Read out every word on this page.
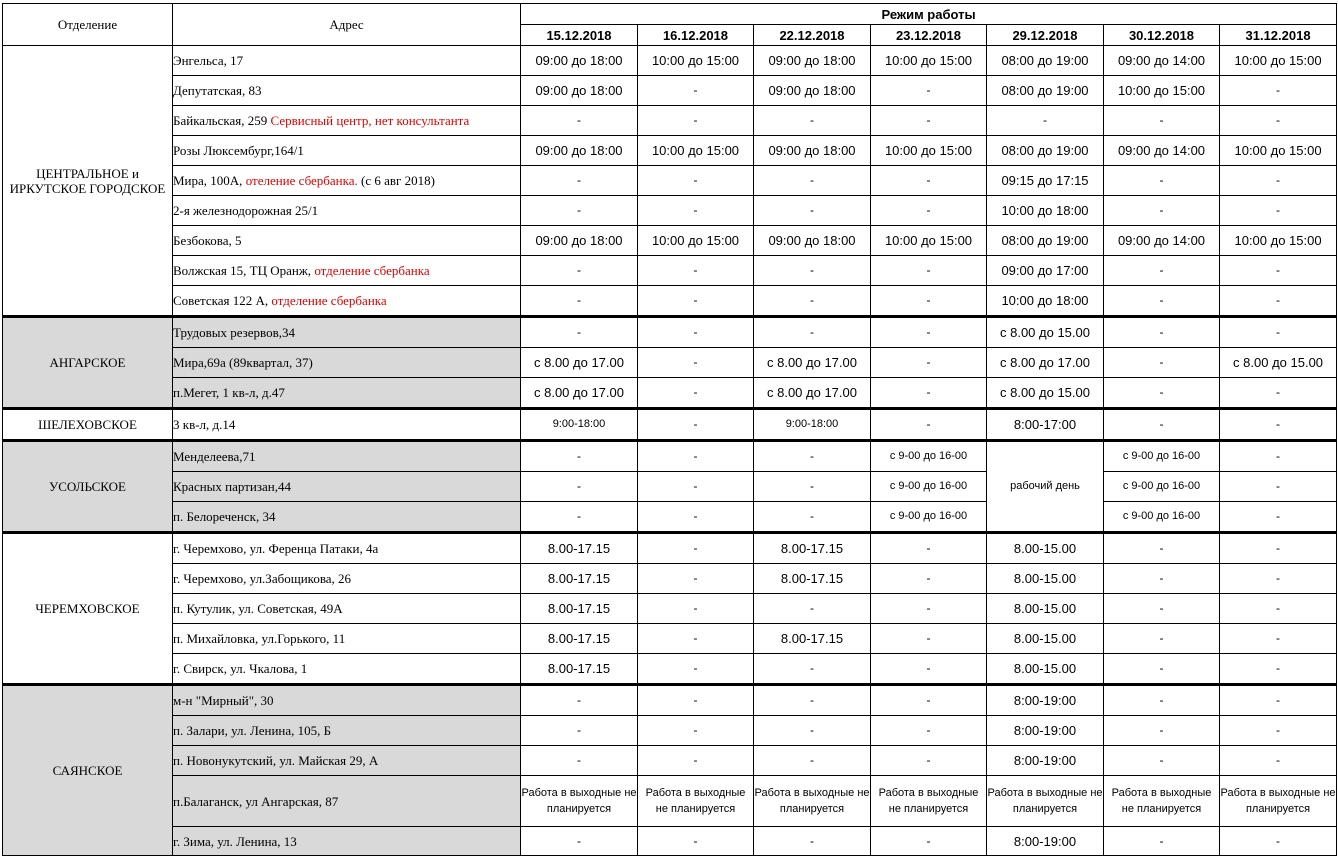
Отделение	Адрес	Режим работы						
		15.12.2018	16.12.2018	22.12.2018	23.12.2018	29.12.2018	30.12.2018	31.12.2018
ЦЕНТРАЛЬНОЕ и ИРКУТСКОЕ ГОРОДСКОЕ	Энгельса, 17	09:00 до 18:00	10:00 до 15:00	09:00 до 18:00	10:00 до 15:00	08:00 до 19:00	09:00 до 14:00	10:00 до 15:00
	Депутатская, 83	09:00 до 18:00	-	09:00 до 18:00	-	08:00 до 19:00	10:00 до 15:00	-
	Байкальская, 259 Сервисный центр, нет консультанта	-	-	-	-	-	-	-
	Розы Люксембург,164/1	09:00 до 18:00	10:00 до 15:00	09:00 до 18:00	10:00 до 15:00	08:00 до 19:00	09:00 до 14:00	10:00 до 15:00
	Мира, 100А, отеление сбербанка. (с 6 авг 2018)	-	-	-	-	09:15 до 17:15	-	-
	2-я железнодорожная 25/1	-	-	-	-	10:00 до 18:00	-	-
	Безбокова, 5	09:00 до 18:00	10:00 до 15:00	09:00 до 18:00	10:00 до 15:00	08:00 до 19:00	09:00 до 14:00	10:00 до 15:00
	Волжская 15, ТЦ Оранж, отделение сбербанка	-	-	-	-	09:00 до 17:00	-	-
	Советская 122 А, отделение сбербанка	-	-	-	-	10:00 до 18:00	-	-
АНГАРСКОЕ	Трудовых резервов,34	-	-	-	-	с 8.00 до 15.00	-	-
	Мира,69а (89квартал, 37)	с 8.00 до 17.00	-	с 8.00 до 17.00	-	с 8.00 до 17.00	-	с 8.00 до 15.00
	п.Мегет, 1 кв-л, д.47	с 8.00 до 17.00	-	с 8.00 до 17.00	-	с 8.00 до 15.00	-	-
ШЕЛЕХОВСКОЕ	3 кв-л, д.14	9:00-18:00	-	9:00-18:00	-	8:00-17:00	-	-
УСОЛЬСКОЕ	Менделеева,71	-	-	-	с 9-00 до 16-00	рабочий день	с 9-00 до 16-00	-
	Красных партизан,44	-	-	-	с 9-00 до 16-00		с 9-00 до 16-00	-
	п. Белореченск, 34	-	-	-	с 9-00 до 16-00		с 9-00 до 16-00	-
ЧЕРЕМХОВСКОЕ	г. Черемхово, ул. Ференца Патаки, 4а	8.00-17.15	-	8.00-17.15	-	8.00-15.00	-	-
	г. Черемхово, ул.Забощикова, 26	8.00-17.15	-	8.00-17.15	-	8.00-15.00	-	-
	п. Кутулик, ул. Советская, 49А	8.00-17.15	-	-	-	8.00-15.00	-	-
	п. Михайловка, ул.Горького, 11	8.00-17.15	-	8.00-17.15	-	8.00-15.00	-	-
	г. Свирск, ул. Чкалова, 1	8.00-17.15	-	-	-	8.00-15.00	-	-
САЯНСКОЕ	м-н "Мирный", 30	-	-	-	-	8:00-19:00	-	-
	п. Залари, ул. Ленина, 105, Б	-	-	-	-	8:00-19:00	-	-
	п. Новонукутский, ул. Майская 29, А	-	-	-	-	8:00-19:00	-	-
	п.Балаганск, ул Ангарская, 87	Работа в выходные не планируется	Работа в выходные не планируется	Работа в выходные не планируется	Работа в выходные не планируется	Работа в выходные не планируется	Работа в выходные не планируется	Работа в выходные не планируется
	г. Зима, ул. Ленина, 13	-	-	-	-	8:00-19:00	-	-
